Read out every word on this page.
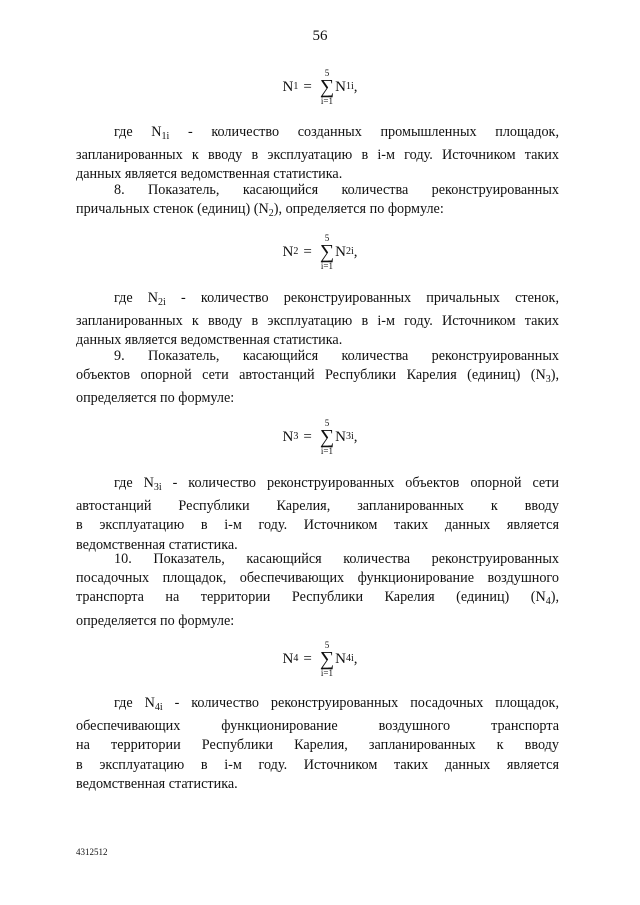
56
N 1 =
5
∑
i=1
N 1i ,
где $N_{1i}$ - количество созданных промышленных площадок,
запланированных к вводу в эксплуатацию в i-м году. Источником таких
данных является ведомственная статистика.
8. Показатель, касающийся количества реконструированных
причальных стенок (единиц) $(N_2)$, определяется по формуле:
N 2 =
5
∑
i=1
N 2i ,
где $N_{2i}$ - количество реконструированных причальных стенок,
запланированных к вводу в эксплуатацию в i-м году. Источником таких
данных является ведомственная статистика.
9. Показатель, касающийся количества реконструированных
объектов опорной сети автостанций Республики Карелия (единиц) $(N_3)$,
определяется по формуле:
N 3 =
5
∑
i=1
N 3i ,
где $N_{3i}$ - количество реконструированных объектов опорной сети
автостанций Республики Карелия, запланированных к вводу
в эксплуатацию в i-м году. Источником таких данных является
ведомственная статистика.
10. Показатель, касающийся количества реконструированных
посадочных площадок, обеспечивающих функционирование воздушного
транспорта на территории Республики Карелия (единиц) $(N_4)$,
определяется по формуле:
N 4 =
5
∑
i=1
N 4i ,
где $N_{4i}$ - количество реконструированных посадочных площадок,
обеспечивающих функционирование воздушного транспорта
на территории Республики Карелия, запланированных к вводу
в эксплуатацию в i-м году. Источником таких данных является
ведомственная статистика.
4312512
